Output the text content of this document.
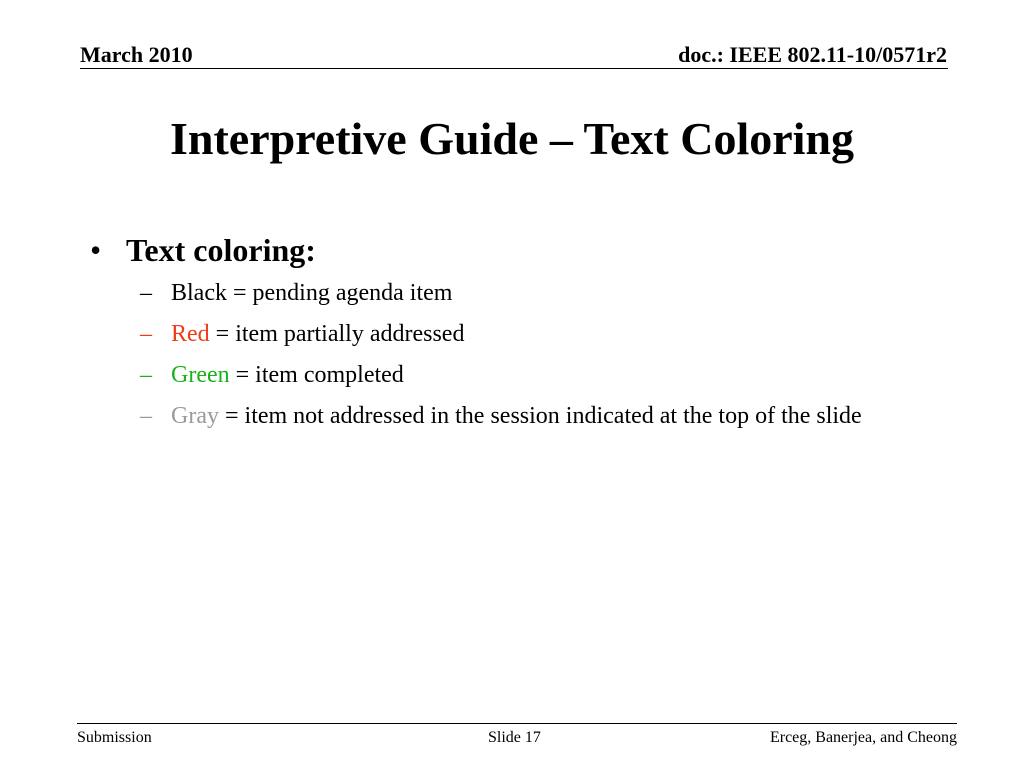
March 2010	doc.: IEEE 802.11-10/0571r2
Interpretive Guide – Text Coloring
• Text coloring:
– Black = pending agenda item
– Red = item partially addressed
– Green = item completed
– Gray = item not addressed in the session indicated at the top of the slide
Submission	Slide 17	Erceg, Banerjea, and Cheong
